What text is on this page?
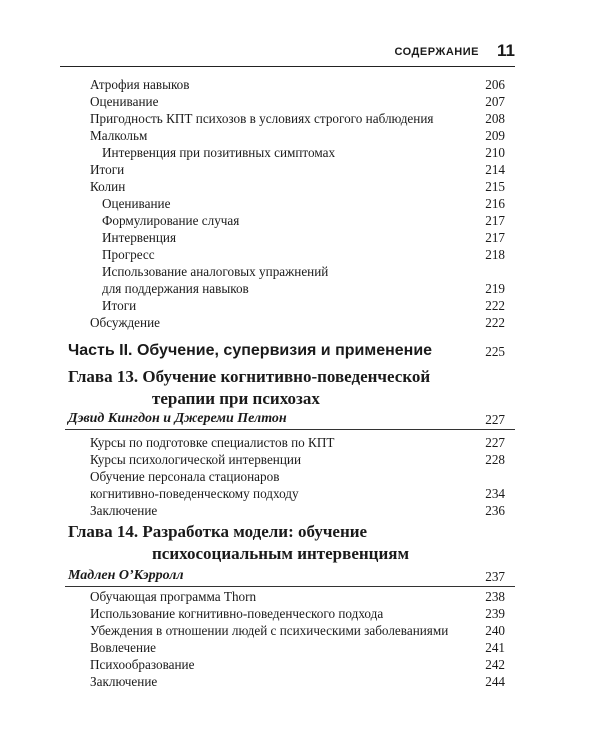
СОДЕРЖАНИЕ 11
Атрофия навыков	206
Оценивание	207
Пригодность КПТ психозов в условиях строгого наблюдения	208
Малкольм	209
Интервенция при позитивных симптомах	210
Итоги	214
Колин	215
Оценивание	216
Формулирование случая	217
Интервенция	217
Прогресс	218
Использование аналоговых упражнений
для поддержания навыков	219
Итоги	222
Обсуждение	222
Часть II. Обучение, супервизия и применение	225
Глава 13. Обучение когнитивно-поведенческой
терапии при психозах
Дэвид Кингдон и Джереми Пелтон	227
Курсы по подготовке специалистов по КПТ	227
Курсы психологической интервенции	228
Обучение персонала стационаров
когнитивно-поведенческому подходу	234
Заключение	236
Глава 14. Разработка модели: обучение
психосоциальным интервенциям
Мадлен О’Кэрролл	237
Обучающая программа Thorn	238
Использование когнитивно-поведенческого подхода	239
Убеждения в отношении людей с психическими заболеваниями	240
Вовлечение	241
Психообразование	242
Заключение	244
